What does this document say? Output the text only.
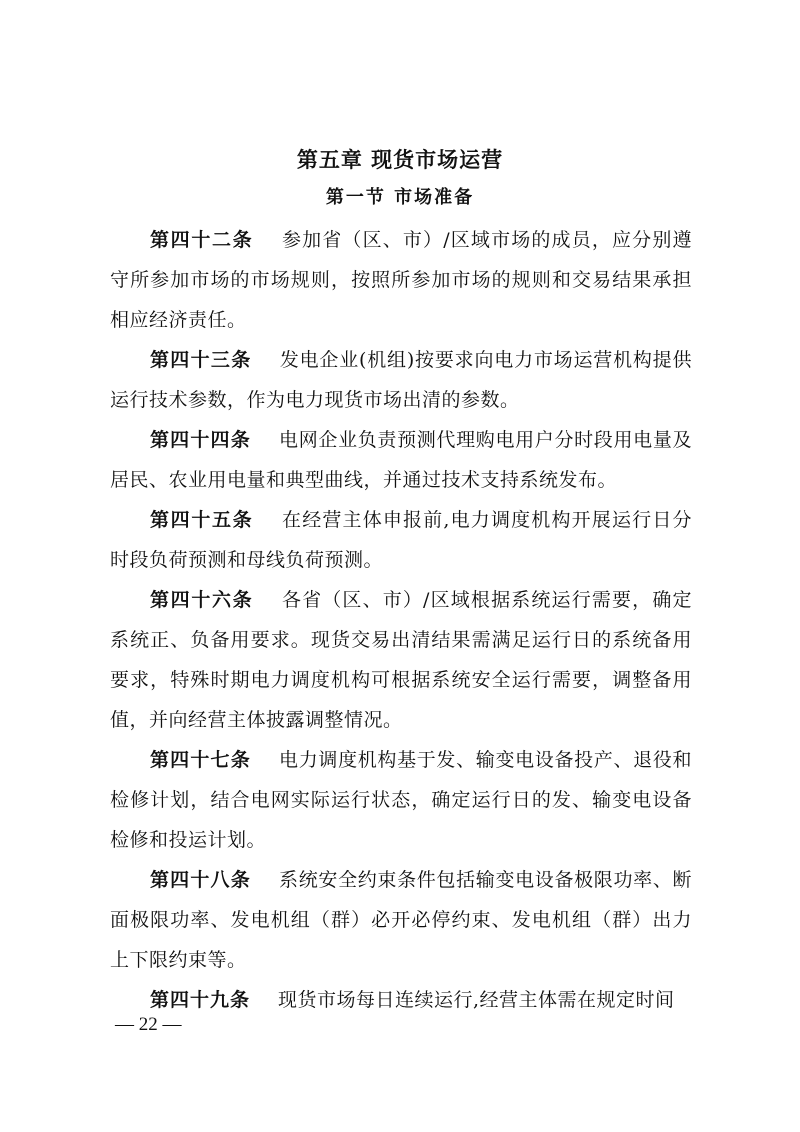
第五章 现货市场运营
第一节 市场准备

第四十二条 参加省（区、市）/区域市场的成员，应分别遵守所参加市场的市场规则，按照所参加市场的规则和交易结果承担相应经济责任。

第四十三条 发电企业(机组)按要求向电力市场运营机构提供运行技术参数，作为电力现货市场出清的参数。

第四十四条 电网企业负责预测代理购电用户分时段用电量及居民、农业用电量和典型曲线，并通过技术支持系统发布。

第四十五条 在经营主体申报前,电力调度机构开展运行日分时段负荷预测和母线负荷预测。

第四十六条 各省（区、市）/区域根据系统运行需要，确定系统正、负备用要求。现货交易出清结果需满足运行日的系统备用要求，特殊时期电力调度机构可根据系统安全运行需要，调整备用值，并向经营主体披露调整情况。

第四十七条 电力调度机构基于发、输变电设备投产、退役和检修计划，结合电网实际运行状态，确定运行日的发、输变电设备检修和投运计划。

第四十八条 系统安全约束条件包括输变电设备极限功率、断面极限功率、发电机组（群）必开必停约束、发电机组（群）出力上下限约束等。

第四十九条 现货市场每日连续运行,经营主体需在规定时间

— 22 —
